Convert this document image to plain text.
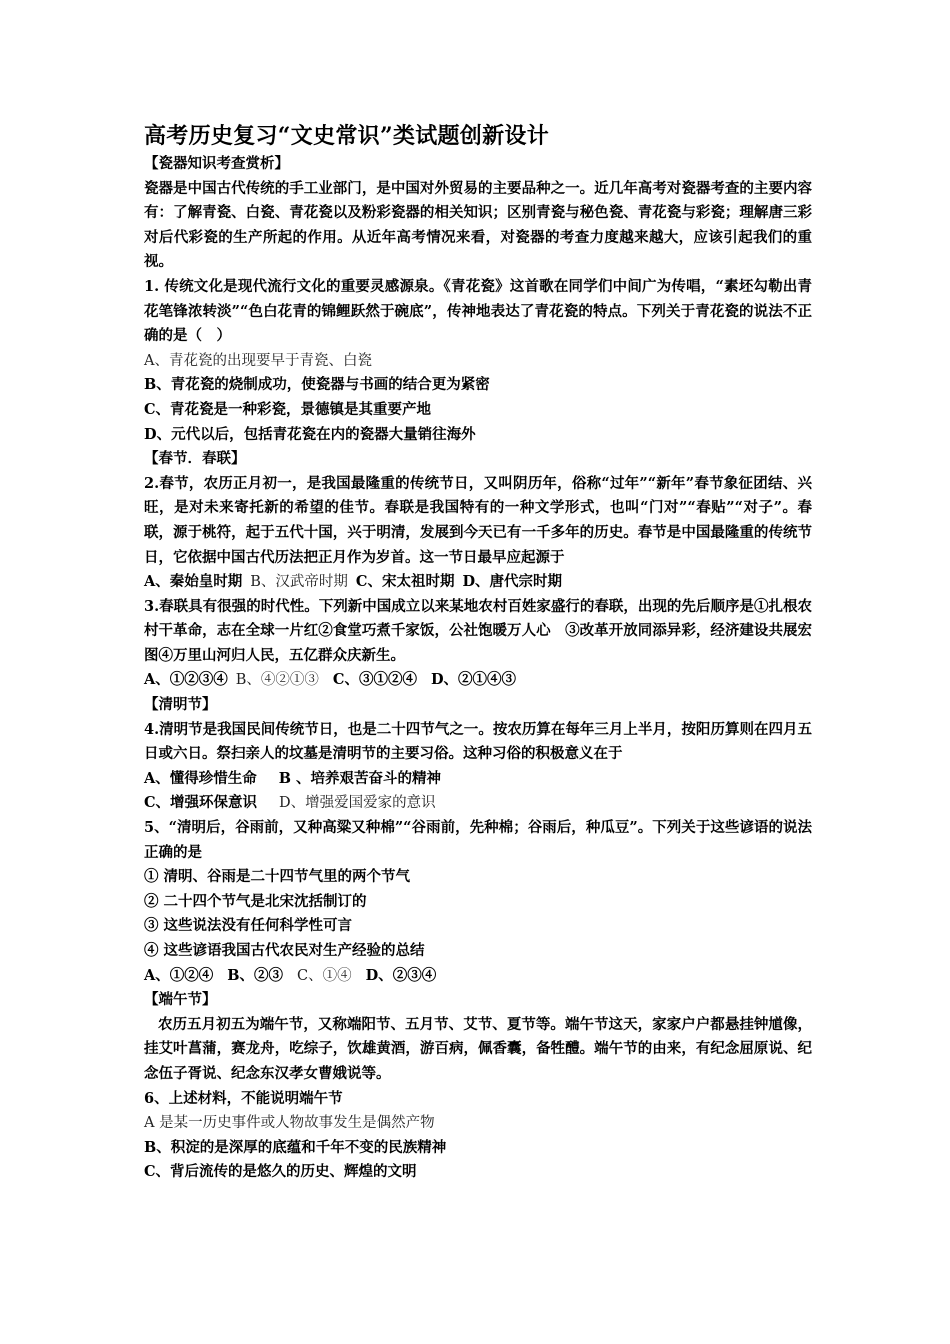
高考历史复习“文史常识”类试题创新设计

【瓷器知识考查赏析】

瓷器是中国古代传统的手工业部门，是中国对外贸易的主要品种之一。近几年高考对瓷器考查的主要内容有：了解青瓷、白瓷、青花瓷以及粉彩瓷器的相关知识；区别青瓷与秘色瓷、青花瓷与彩瓷；理解唐三彩对后代彩瓷的生产所起的作用。从近年高考情况来看，对瓷器的考查力度越来越大，应该引起我们的重视。

1. 传统文化是现代流行文化的重要灵感源泉。《青花瓷》这首歌在同学们中间广为传唱，“素坯勾勒出青花笔锋浓转淡”“色白花青的锦鲤跃然于碗底”，传神地表达了青花瓷的特点。下列关于青花瓷的说法不正确的是（　）

A、青花瓷的出现要早于青瓷、白瓷

B、青花瓷的烧制成功，使瓷器与书画的结合更为紧密

C、青花瓷是一种彩瓷，景德镇是其重要产地

D、元代以后，包括青花瓷在内的瓷器大量销往海外

【春节．春联】

2.春节，农历正月初一，是我国最隆重的传统节日，又叫阴历年，俗称“过年”“新年”春节象征团结、兴旺，是对未来寄托新的希望的佳节。春联是我国特有的一种文学形式，也叫“门对”“春贴”“对子”。春联，源于桃符，起于五代十国，兴于明清，发展到今天已有一千多年的历史。春节是中国最隆重的传统节日，它依据中国古代历法把正月作为岁首。这一节日最早应起源于

A、秦始皇时期 B、汉武帝时期 C、宋太祖时期 D、唐代宗时期

3.春联具有很强的时代性。下列新中国成立以来某地农村百姓家盛行的春联，出现的先后顺序是①扎根农村干革命，志在全球一片红②食堂巧煮千家饭，公社饱暖万人心　③改革开放同添异彩，经济建设共展宏图④万里山河归人民，五亿群众庆新生。

A、①②③④ B、④②①③ C、③①②④ D、②①④③

【清明节】

4.清明节是我国民间传统节日，也是二十四节气之一。按农历算在每年三月上半月，按阳历算则在四月五日或六日。祭扫亲人的坟墓是清明节的主要习俗。这种习俗的积极意义在于

A、懂得珍惜生命 B 、培养艰苦奋斗的精神

C、增强环保意识 D、增强爱国爱家的意识

5、“清明后，谷雨前，又种高粱又种棉”“谷雨前，先种棉；谷雨后，种瓜豆”。下列关于这些谚语的说法正确的是

① 清明、谷雨是二十四节气里的两个节气

② 二十四个节气是北宋沈括制订的

③ 这些说法没有任何科学性可言

④ 这些谚语我国古代农民对生产经验的总结

A、①②④ B、②③ C、①④ D、②③④

【端午节】

农历五月初五为端午节，又称端阳节、五月节、艾节、夏节等。端午节这天，家家户户都悬挂钟馗像，挂艾叶菖蒲，赛龙舟，吃综子，饮雄黄酒，游百病，佩香囊，备牲醴。端午节的由来，有纪念屈原说、纪念伍子胥说、纪念东汉孝女曹娥说等。

6、上述材料，不能说明端午节

A 是某一历史事件或人物故事发生是偶然产物

B、积淀的是深厚的底蕴和千年不变的民族精神

C、背后流传的是悠久的历史、辉煌的文明
